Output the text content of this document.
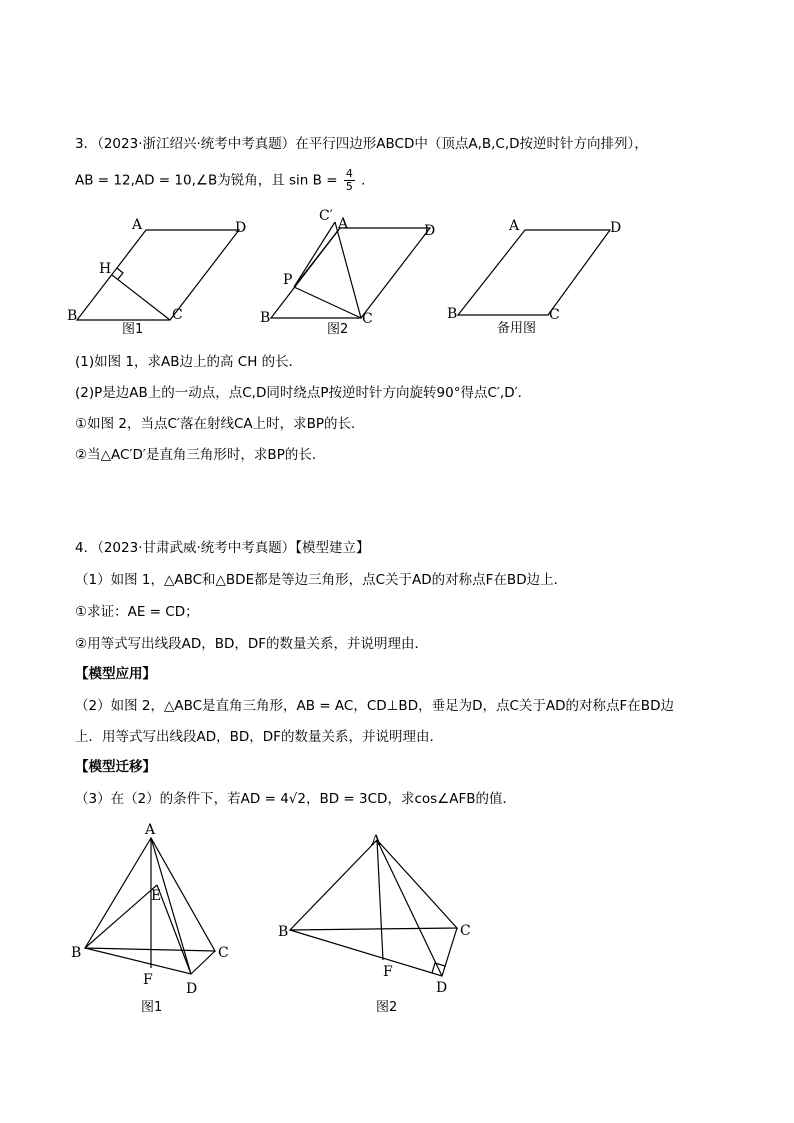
3．（2023·浙江绍兴·统考中考真题）在平行四边形ABCD中（顶点A,B,C,D按逆时针方向排列），
AB = 12,AD = 10,∠B为锐角，且 $\sin B = \frac{4}{5}$ .
A	D
H
B	C
图1
C′ A	D
P
B	C
图2
A	D
B	C
备用图
(1)如图 1，求AB边上的高 CH 的长．
(2)P是边AB上的一动点，点C,D同时绕点P按逆时针方向旋转90°得点C′,D′．
①如图 2，当点C′落在射线CA上时，求BP的长．
②当△AC′D′是直角三角形时，求BP的长．
4．（2023·甘肃武威·统考中考真题）【模型建立】
（1）如图 1，△ABC和△BDE都是等边三角形，点C关于AD的对称点F在BD边上．
①求证：AE = CD；
②用等式写出线段AD，BD，DF的数量关系，并说明理由．
【模型应用】
（2）如图 2，△ABC是直角三角形，AB = AC，CD⊥BD，垂足为D，点C关于AD的对称点F在BD边
上．用等式写出线段AD，BD，DF的数量关系，并说明理由．
【模型迁移】
（3）在（2）的条件下，若AD = 4√2，BD = 3CD，求cos∠AFB的值．
A
E
B	C
F
D
图1
A
B	C
F
D
图2
